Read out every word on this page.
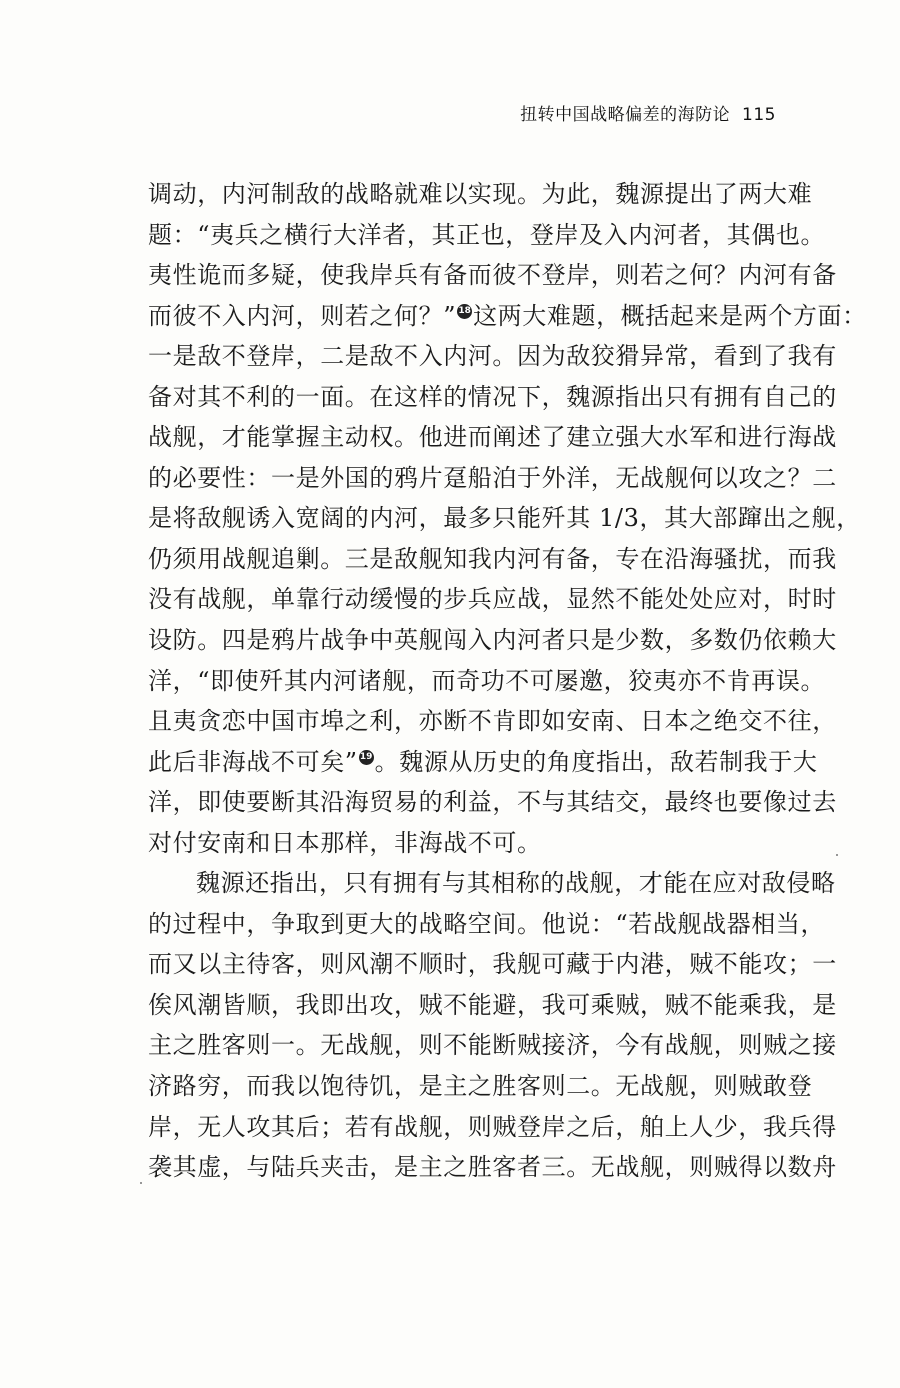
扭转中国战略偏差的海防论 115
调动，内河制敌的战略就难以实现。为此，魏源提出了两大难
题：“夷兵之横行大洋者，其正也，登岸及入内河者，其偶也。
夷性诡而多疑，使我岸兵有备而彼不登岸，则若之何？内河有备
而彼不入内河，则若之何？” 18 这两大难题，概括起来是两个方面：
一是敌不登岸，二是敌不入内河。因为敌狡猾异常，看到了我有
备对其不利的一面。在这样的情况下，魏源指出只有拥有自己的
战舰，才能掌握主动权。他进而阐述了建立强大水军和进行海战
的必要性：一是外国的鸦片趸船泊于外洋，无战舰何以攻之？二
是将敌舰诱入宽阔的内河，最多只能歼其 1/3，其大部蹿出之舰，
仍须用战舰追剿。三是敌舰知我内河有备，专在沿海骚扰，而我
没有战舰，单靠行动缓慢的步兵应战，显然不能处处应对，时时
设防。四是鸦片战争中英舰闯入内河者只是少数，多数仍依赖大
洋，“即使歼其内河诸舰，而奇功不可屡邀，狡夷亦不肯再误。
且夷贪恋中国市埠之利，亦断不肯即如安南、日本之绝交不往，
此后非海战不可矣” 19 。魏源从历史的角度指出，敌若制我于大
洋，即使要断其沿海贸易的利益，不与其结交，最终也要像过去
对付安南和日本那样，非海战不可。
魏源还指出，只有拥有与其相称的战舰，才能在应对敌侵略
的过程中，争取到更大的战略空间。他说：“若战舰战器相当，
而又以主待客，则风潮不顺时，我舰可藏于内港，贼不能攻；一
俟风潮皆顺，我即出攻，贼不能避，我可乘贼，贼不能乘我，是
主之胜客则一。无战舰，则不能断贼接济，今有战舰，则贼之接
济路穷，而我以饱待饥，是主之胜客则二。无战舰，则贼敢登
岸，无人攻其后；若有战舰，则贼登岸之后，舶上人少，我兵得
袭其虚，与陆兵夹击，是主之胜客者三。无战舰，则贼得以数舟
